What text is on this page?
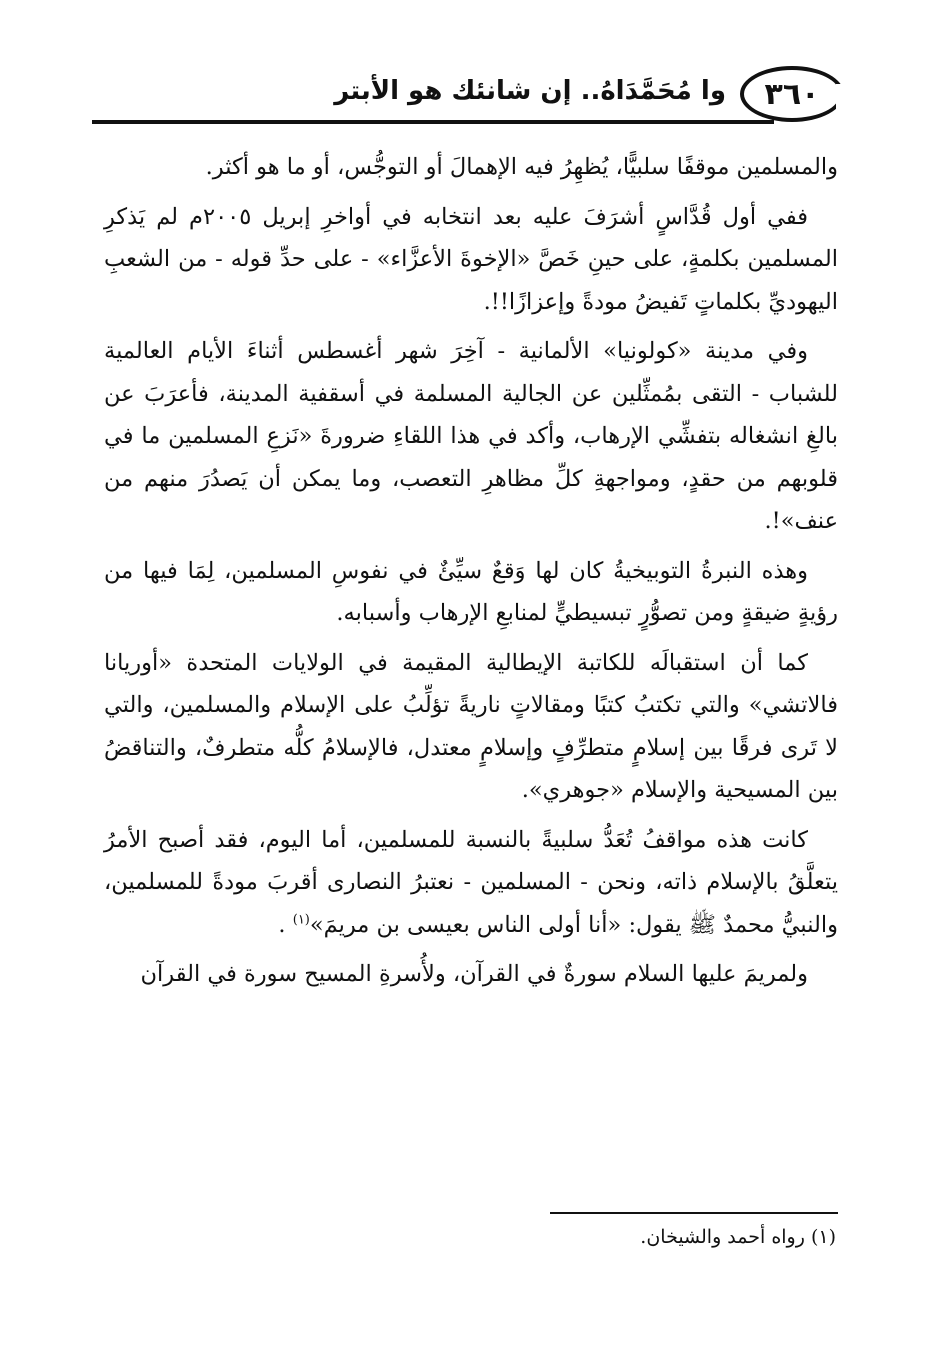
٣٦٠
وا مُحَمَّدَاهُ.. إن شانئك هو الأبتر

والمسلمين موقفًا سلبيًّا، يُظهِرُ فيه الإهمالَ أو التوجُّس، أو ما هو أكثر.

ففي أول قُدَّاسٍ أشرَفَ عليه بعد انتخابه في أواخرِ إبريل ٢٠٠٥م لم يَذكرِ المسلمين بكلمةٍ، على حينِ خَصَّ «الإخوةَ الأعزَّاء» - على حدِّ قوله - من الشعبِ اليهوديِّ بكلماتٍ تَفيضُ مودةً وإعزازًا!!.

وفي مدينة «كولونيا» الألمانية - آخِرَ شهر أغسطس أثناءَ الأيام العالمية للشباب - التقى بمُمثِّلين عن الجالية المسلمة في أسقفية المدينة، فأعرَبَ عن بالغِ انشغاله بتفشِّي الإرهاب، وأكد في هذا اللقاءِ ضرورةَ «نَزعِ المسلمين ما في قلوبهم من حقدٍ، ومواجهةِ كلِّ مظاهرِ التعصب، وما يمكن أن يَصدُرَ منهم من عنف»!.

وهذه النبرةُ التوبيخيةُ كان لها وَقعٌ سيِّئٌ في نفوسِ المسلمين، لِمَا فيها من رؤيةٍ ضيقةٍ ومن تصوُّرٍ تبسيطيٍّ لمنابعِ الإرهاب وأسبابه.

كما أن استقبالَه للكاتبة الإيطالية المقيمة في الولايات المتحدة «أوريانا فالاتشي» والتي تكتبُ كتبًا ومقالاتٍ ناريةً تؤلِّبُ على الإسلام والمسلمين، والتي لا تَرى فرقًا بين إسلامٍ متطرِّفٍ وإسلامٍ معتدل، فالإسلامُ كلُّه متطرفٌ، والتناقضُ بين المسيحية والإسلام «جوهري».

كانت هذه مواقفُ تُعَدُّ سلبيةً بالنسبة للمسلمين، أما اليوم، فقد أصبح الأمرُ يتعلَّقُ بالإسلام ذاته، ونحن - المسلمين - نعتبرُ النصارى أقربَ مودةً للمسلمين، والنبيُّ محمدٌ ﷺ يقول: «أنا أولى الناس بعيسى بن مريمَ»$^{(١)}$ .

ولمريمَ عليها السلام سورةٌ في القرآن، ولأُسرةِ المسيح سورة في القرآن

(١) رواه أحمد والشيخان.
